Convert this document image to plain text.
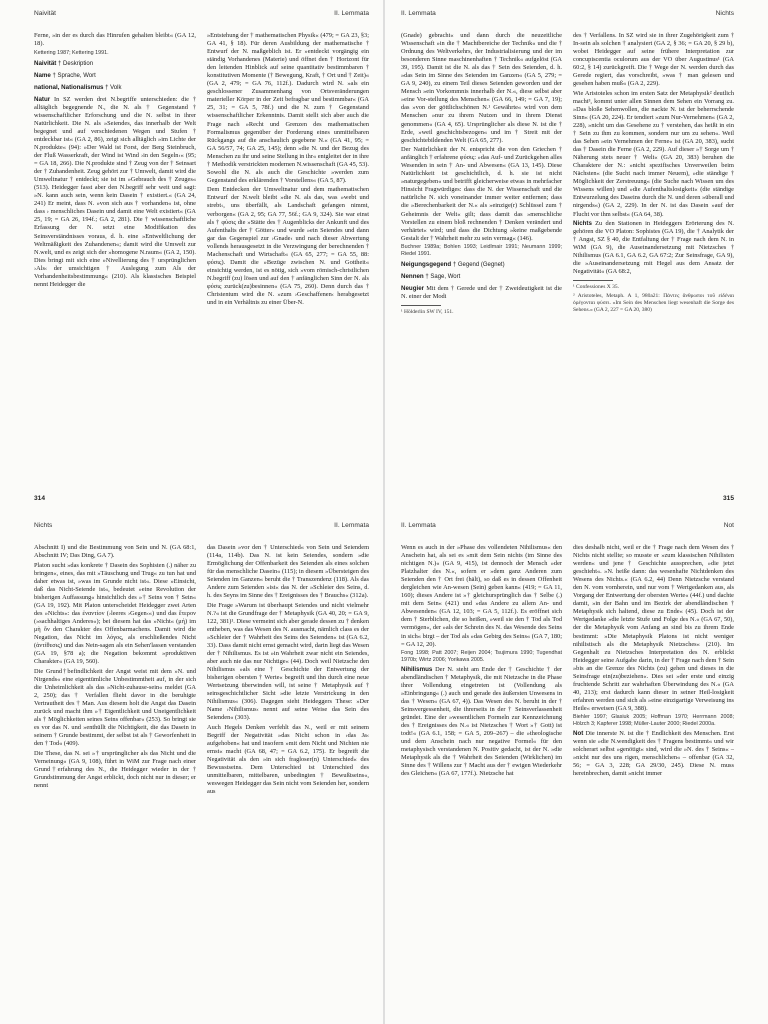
Naivität	II. Lemmata

Ferne, »in der es durch das Hinrufen gehalten bleibt« (GA 12, 18).

Kettering 1987; Kettering 1991.

Naivität † Deskription

Name † Sprache, Wort

national, Nationalismus † Volk

Natur In SZ werden drei N.begriffe unterschieden: die † alltäglich begegnende N., die N. als † Gegenstand † wissenschaftlicher Erforschung und die N. selbst in ihrer Natürlichkeit. Die N. als »Seiendes, das innerhalb der Welt begegnet und auf verschiedenen Wegen und Stufen † entdeckbar ist« (GA 2, 86), zeigt sich alltäglich »im Lichte der N.produkte« (94): »Der Wald ist Forst, der Berg Steinbruch, der Fluß Wasserkraft, der Wind ist Wind ›in den Segeln‹« (95; = GA 18, 266). Die N.produkte sind † Zeug von der † Seinsart der † Zuhandenheit. Zeug gehört zur † Umwelt, damit wird die Umweltnatur † entdeckt; sie ist im »Gebrauch des † Zeuges« (513). Heidegger fasst aber den N.begriff sehr weit und sagt: »N. kann auch sein, wenn kein Dasein † existiert.« (GA 24, 241) Er meint, dass N. »von sich aus † vorhanden« ist, ohne dass › menschliches Dasein und damit eine Welt existiert« (GA 25, 19; = GA 26, 194f.; GA 2, 281). Die † wissenschaftliche Erfassung der N. setzt eine Modifikation des Seinsverständnisses voraus, d. h. eine »Entweltlichung der Weltmäßigkeit des Zuhandenen«; damit wird die Umwelt zur N.welt, und es zeigt sich der »homogene N.raum« (GA 2, 150). Dies bringt mit sich eine »Nivellierung des † ursprünglichen ›Als‹ der umsichtigen † Auslegung zum Als der Vorhandenheitsbestimmung« (210). Als klassisches Beispiel nennt Heidegger die

»Entstehung der † mathematischen Physik« (479; = GA 23, §3; GA 41, § 18). Für deren Ausbildung der mathematische † Entwurf der N. maßgeblich ist. Er »entdeckt vorgängig ein ständig Vorhandenes (Materie) und öffnet den † Horizont für den leitenden Hinblick auf seine quantitativ bestimmbaren † konstitutiven Momente († Bewegung, Kraft, † Ort und † Zeit)« (GA 2, 479; = GA 76, 112f.). Dadurch wird N. »als ein geschlossener Zusammenhang von Ortsveränderungen materieller Körper in der Zeit befragbar und bestimmbar« (GA 25, 31; = GA 5, 78f.) und die N. zum † Gegenstand wissenschaftlicher Erkenntnis. Damit stellt sich aber auch die Frage nach »Recht und Grenzen des mathematischen Formalismus gegenüber der Forderung eines unmittelbaren Rückgangs auf die anschaulich gegebene N.« (GA 41, 95; = GA 56/57, 74; GA 25, 145); denn »die N. und der Bezug des Menschen zu ihr und seine Stellung in ihr« entgleitet der in ihre † Methodik verstrickten modernen N.wissenschaft (GA 45, 53). Sowohl die N. als auch die Geschichte »werden zum Gegenstand des erklärenden † Vorstellens« (GA 5, 87).

Dem Entdecken der Umweltnatur und dem mathematischen Entwurf der N.welt bleibt »die N. als das, was »webt und strebt‹, uns überfällt, als Landschaft gefangen nimmt, verborgen« (GA 2, 95; GA 77, 56f.; GA 9, 324). Sie war einst als † φύσις die »Stätte des † Augenblicks der Ankunft und des Aufenthalts der † Götter« und wurde »ein Seiendes und dann gar das Gegenspiel zur ›Gnade‹ und nach dieser Abwertung vollends herausgesetzt in die Verzwingung der berechnenden † Machenschaft und Wirtschaft« (GA 65, 277; = GA 55, 88: φύσις). Damit die »Bezüge zwischen N. und Gottheit« einsichtig werden, ist es nötig, sich »vom römisch-christlichen N.begriff (zu) lösen und auf den † anfänglichen Sinn der N. als φύσις zurück(zu)besinnen« (GA 75, 260). Denn durch das † Christentum wird die N. »zum ›Geschaffenen‹ herabgesetzt und in ein Verhältnis zu einer Über-N.

314
II. Lemmata	Nichts

(Gnade) gebracht« und dann durch die neuzeitliche Wissenschaft »in die † Machtbereiche der Technik« und die † Ordnung des Weltverkehrs, der Industrialisierung und der im besonderen Sinne maschinenhaften † Technik« aufgelöst (GA 39, 195). Damit ist die N. als das † Sein des Seienden, d. h. »das Sein im Sinne des Seienden im Ganzen« (GA 5, 279; = GA 9, 240), zu einem Teil dieses Seienden geworden und der Mensch »ein Vorkommnis innerhalb der N.«, diese selbst aber »eine Vor-stellung des Menschen« (GA 66, 149; = GA 7, 19); das »von der göttlichschönen N.¹ Gewährte« wird von dem Menschen »nur zu ihrem Nutzen und in ihrem Dienst genommen« (GA 4, 65). Ursprünglicher als diese N. ist die † Erde, »weil geschichtsbezogen« und im † Streit mit der geschichtebildenden Welt (GA 65, 277).

Der Natürlichkeit der N. entspricht die von den Griechen † anfänglich † erfahrene φύσις: »das Auf- und Zurückgehen alles Wesenden in sein † An- und Abwesen« (GA 13, 145). Diese Natürlichkeit ist geschichtlich, d. h. sie ist nicht »naturgegeben« und betrifft gleicherweise etwas in mehrfacher Hinsicht Fragwürdiges: dass die N. der Wissenschaft und die natürliche N. sich voneinander immer weiter entfernen; dass die »Berechenbarkeit der N.« als »einzige(r) Schlüssel zum † Geheimnis der Welt« gilt; dass damit das »menschliche Vorstellen zu einem bloß rechnenden † Denken verändert und verhärtet« wird; und dass die Dichtung »keine maßgebende Gestalt der † Wahrheit mehr zu sein vermag« (146).

Buchner 1989a; Bohlen 1993; Leidlmair 1991; Neumann 1999; Riedel 1991.

Neigungsgegend † Gegend (Gegnet)

Nennen † Sage, Wort

Neugier Mit dem † Gerede und der † Zweideutigkeit ist die N. einer der Modi

¹ Hölderlin SW IV, 151.

des † Verfallens. In SZ wird sie in ihrer Zugehörigkeit zum † In-sein als solchen † analysiert (GA 2, § 36; = GA 20, § 29 b), wobei Heidegger auf seine frühere Interpretation zur concupiscentia oculorum aus der VO über Augustinus¹ (GA 60:2, § 14) zurückgreift. Die † Wege der N. werden durch das Gerede regiert, das vorschreibt, »was † man gelesen und gesehen haben muß« (GA 2, 229).

Wie Aristoteles schon im ersten Satz der Metaphysik² deutlich macht³, kommt unter allen Sinnen dem Sehen ein Vorrang zu. »Das bloße Sehenwollen, die nackte N. ist der beherrschende Sinn« (GA 20, 224). Er tendiert »zum Nur-Vernehmen« (GA 2, 228), »nicht um das Gesehene zu † verstehen, das heißt in ein † Sein zu ihm zu kommen, sondern nur um zu sehen«. Weil das Sehen »ein Vernehmen der Ferne« ist (GA 20, 383), sucht das † Dasein die Ferne (GA 2, 229). Auf dieser »† Sorge um † Näherung stets neuer † Welt« (GA 20, 383) beruhen die Charaktere der N.: »nicht spezifisches Unverweilen beim Nächsten« (die Sucht nach immer Neuem), »die ständige † Möglichkeit der Zerstreuung« (die Suche nach Wissen um des Wissens willen) und »die Aufenthaltslosigkeit« (die ständige Entwurzelung des Daseins durch die N. und deren »überall und nirgends«) (GA 2, 229). In der N. ist das Dasein »auf der Flucht vor ihm selbst« (GA 64, 38).

Nichts Zu den Stationen in Heideggers Erörterung des N. gehören die VO Platon: Sophistes (GA 19), die † Analytik der † Angst, SZ § 40, die Entfaltung der † Frage nach dem N. in WiM (GA 9), die Auseinandersetzung mit Nietzsches † Nihilismus (GA 6.1, GA 6.2, GA 67:2; Zur Seinsfrage, GA 9), die »Auseinandersetzung mit Hegel aus dem Ansatz der Negativität« (GA 68:2,

¹ Confessiones X 35.

² Aristoteles, Metaph. A 1, 980a21: Πάντες ἄνθρωποι τοῦ εἰδέναι ὀρέγονται φύσει. »Im Sein des Menschen liegt wesenhaft die Sorge des Sehens.« (GA 2, 227 = GA 20, 380)

315
Nichts	II. Lemmata

Abschnitt I) und die Bestimmung von Sein und N. (GA 68:1, Abschnitt IV; Das Ding, GA 7).

Platon sucht »das konkrete † Dasein des Sophisten (.) näher zu bringen«, eines, das mit »Täuschung und Trug« zu tun hat und daher etwas ist, »was im Grunde nicht ist«. Diese »Einsicht, daß das Nicht-Seiende ist«, bedeutet »eine Revolution der bisherigen Auffassung« hinsichtlich des »† Seins von † Sein« (GA 19, 192). Mit Platon unterscheidet Heidegger zwei Arten des »Nichts«: das ἐναντίον (›leeres ›Gegen‹«) und das ἕτερον (»sachhaltiges Anderes«); bei diesem hat das »Nicht« (μή) im μὴ ὄν den Charakter des Offenbarmachens. Damit wird die Negation, das Nicht im λόγος, als erschließendes Nicht (ἀντίθεσις) und das Nein-sagen als ein Sehen'lassen verstanden (GA 19, §78 a); die Negation bekommt »produktiven Charakter« (GA 19, 560).

Die Grund†befindlichkeit der Angst weist mit dem »N. und Nirgends« eine eigentümliche Unbestimmtheit auf, in der sich die Unheimlichkeit als das »Nicht-zuhause-sein« meldet (GA 2, 250); das † Verfallen flieht davor in die beruhigte Vertrautheit des † Man. Aus diesem holt die Angst das Dasein zurück und macht ihm »† Eigentlichkeit und Uneigentlichkeit als † Möglichkeiten seines Seins offenbar« (253). So bringt sie es vor das N. und »enthüllt die Nichtigkeit, die das Dasein in seinem † Grunde bestimmt, der selbst ist als † Geworfenheit in den † Tod« (409).

Die These, das N. sei »† ursprünglicher als das Nicht und die Verneinung« (GA 9, 108), führt in WiM zur Frage nach einer Grund†erfahrung des N., die Heidegger wieder in der † Grundstimmung der Angst erblickt, doch nicht nur in dieser; er nennt

das Dasein »vor den † Unterschied« von Sein und Seiendem (114a, 114b). Das N. ist kein Seiendes, sondern »die Ermöglichung der Offenbarkeit des Seienden als eines solchen für das menschliche Dasein« (115); in diesem »Übersteigen des Seienden im Ganzen« beruht die † Transzendenz (118). Als das Andere zum Seienden »ist« das N. der »Schleier des Seins, d. h. des Seyns im Sinne des † Ereignisses des † Brauchs« (312a).

Die Frage »Warum ist überhaupt Seiendes und nicht vielmehr N.?« ist die Grundfrage der † Metaphysik (GA 40, 20; = GA 9, 122, 381)¹. Diese vermeint sich aber gerade dessen zu † denken entheben, was das Wesen des N. ausmacht, nämlich class es der »Schleier der † Wahrheit des Seins des Seienden« ist (GA 6.2, 33). Dass damit nicht ernst gemacht wird, darin liegt das Wesen der † Nihilismus. Es ist »in Wahrheit zwar nicht ein Seiendes, aber auch nie das nur Nichtige« (44). Doch weil Nietzsche den Nihilismus »als eine † Geschichte der Entwertung der bisherigen obersten † Werte« begreift und ihn durch eine neue Wertsetzung überwinden will, ist seine † Metaphysik auf † seinsgeschichtlicher Sicht »die letzte Verstrickung in den Nihilismus« (306). Dagegen sieht Heideggers These: »Der Name ›Nihilismus‹ nennt auf seine Weise das Sein des Seienden« (303).

Auch Hegels Denken verfehlt das N., weil er mit seinem Begriff der Negativität »das Nicht schon in ›das Ja‹ aufgehoben« hat und insofern »mit dem Nicht und Nichten nie ernst« macht (GA 68, 47; = GA 6.2, 175). Er begreift die Negativität als den »in sich fragloser(n) Unterschied« des Bewusstseins. Dem Unterschied ist Unterschied des unmittelbaren, mittelbaren, unbedingten † Bewußtseins«, weswegen Heidegger das Sein nicht vom Seienden her, sondern aus

II. Lemmata	Not

Wenn es auch in der »Phase des vollendeten Nihilismus« den Anschein hat, als sei es »mit dem Sein nichts (im Sinne des nichtigen N.)« (GA 9, 415), ist dennoch der Mensch »der Platzhalter des N.«, sofern er »dem ganz Anderen zum Seienden den † Ort frei (hält), so daß es in dessen Offenheit dergleichen wie An-wesen (Sein) geben kann« (419; = GA 11, 160); dieses Andere ist »† gleichursprünglich das † Selbe (.) mit dem Sein« (421) und »das Andere zu allem An- und Abwesenden« (GA 12, 103; = GA 5, 112f.). Es eröffnet sich dem † Sterblichen, die so heißen, »weil sie den † Tod als Tod vermögen«, der »als der Schrein des N. das Wesende des Seins in sich« birgt – der Tod als »das Gebirg des Seins« (GA 7, 180; = GA 12, 20).

Fong 1998; Patt 2007; Reijen 2004; Tsujimura 1990; Tugendhat 1970b; Wirtz 2006; Yorikawa 2005.

Nihilismus Der N. steht am Ende der † Geschichte † der abendländischen † Metaphysik, die mit Nietzsche in die Phase ihrer Vollendung eingetreten ist (Vollendung als »Einbringung« (.) auch und gerade des äußersten Unwesens in das † Wesen« (GA 67, 4)). Das Wesen des N. beruht in der † Seinsvergessenheit, die ihrerseits in der † Seinsverlassenheit gründet. Eine der »wesentlichen Formeln zur Kennzeichnung des † Ereignisses des N.« ist Nietzsches † Wort »† Gott) ist todt!« (GA 6.1, 158; = GA 5, 209–267) – die »theologische und dem Anschein nach nur negative Formel« für den metaphysisch verstandenen N. Positiv gedacht, ist der N. »die Metaphysik als die † Wahrheit des Seienden (Wirklichen) im Sinne des † Willens zur † Macht aus der † ewigen Wiederkehr des Gleichen« (GA 67, 177f.). Nietzsche hat

dies deshalb nicht, weil er die † Frage nach dem Wesen des † Nichts nicht stellte; so musste er »zum klassischen Nihilisten werden« und jene † Geschichte aussprechen, »die jetzt geschieht«. »N. heiße dann: das wesenhafte Nichtdenken des Wesens des Nichts.« (GA 6.2, 44) Denn Nietzsche verstand den N. vom vornherein, und nur vom † Wertgedanken aus, als Vorgang der Entwertung der obersten Werte« (44f.) und dachte damit, »in der Bahn und im Bezirk der abendländischen † Metaphysik sich haltend, diese zu Ende« (45). Doch ist der Wertgedanke »die letzte Stufe und Folge des N.« (GA 67, 50), der die Metaphysik vom Anfang an sind bis zu ihrem Ende bestimmt: »Die Metaphysik Platons ist nicht weniger nihilistisch als die Metaphysik Nietzsches« (210). Im Gegenhalt zu Nietzsches Interpretation des N. erblickt Heidegger seine Aufgabe darin, in der † Frage nach dem † Sein »bis an die Grenze des Nichts (zu) gehen und dieses in die Seinsfrage ein(zu)beziehen«. Dies sei »der erste und einzig fruchtende Schritt zur wahrhaften Überwindung des N.« (GA 40, 213); erst dadurch kann dieser in seiner Heil-losigkeit erfahren werden und sich als »eine einzigartige Verweisung ins Heile« erweisen (GA 9, 388).

Biehler 1997; Glasiuk 2005; Hoffman 1970; Herrmann 2008; Hölzch 3; Kapferer 1998; Müller-Lauter 2000; Riedel 2000a.

Not Die innerste N. ist die † Endlichkeit des Menschen. Erst wenn sie »die N.wendigkeit des † Fragens bestimmt« und wir solcherart selbst »genötigt« sind, wird die »N. des † Seins« – »nicht nur des uns rigen, menschlichen« – offenbar (GA 32, 56; = GA 3, 228; GA 29/30, 245). Diese N. muss hereinbrechen, damit »nicht immer
